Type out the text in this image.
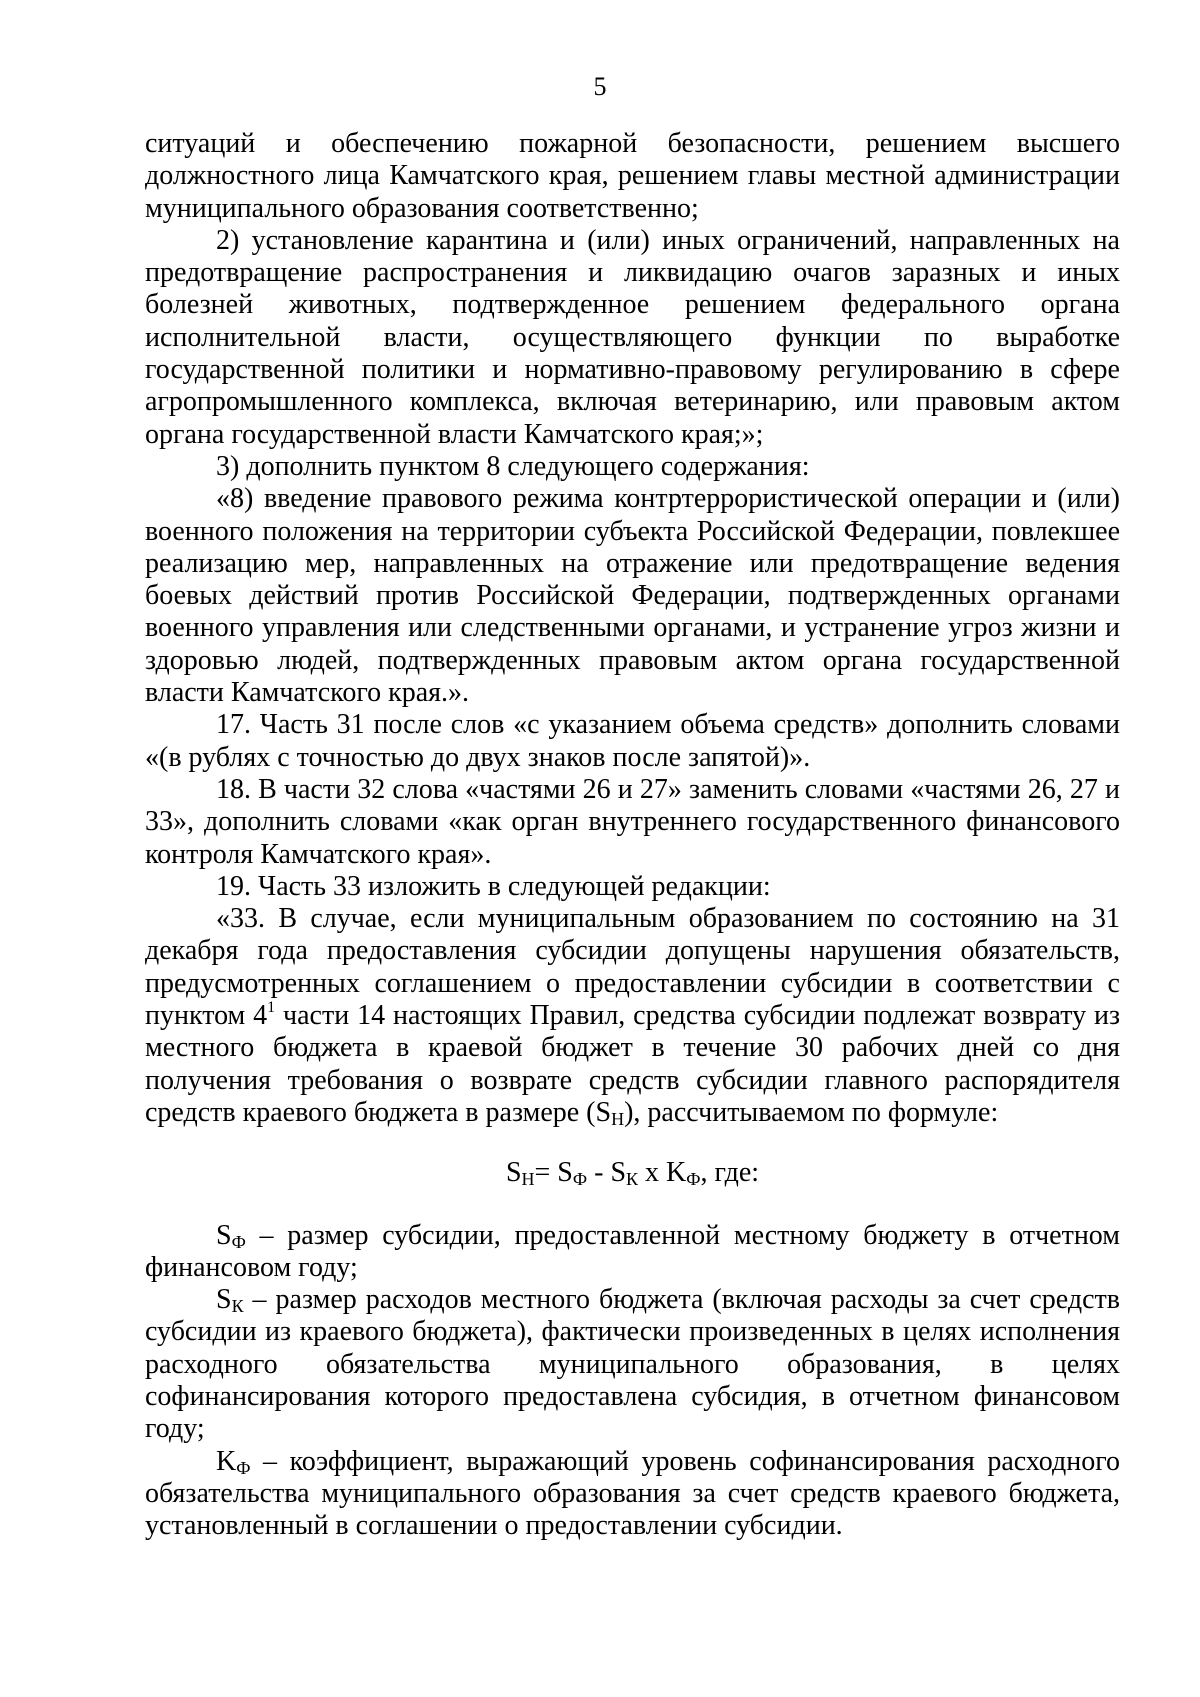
5

ситуаций и обеспечению пожарной безопасности, решением высшего должностного лица Камчатского края, решением главы местной администрации муниципального образования соответственно;

2) установление карантина и (или) иных ограничений, направленных на предотвращение распространения и ликвидацию очагов заразных и иных болезней животных, подтвержденное решением федерального органа исполнительной власти, осуществляющего функции по выработке государственной политики и нормативно-правовому регулированию в сфере агропромышленного комплекса, включая ветеринарию, или правовым актом органа государственной власти Камчатского края;»;

3) дополнить пунктом 8 следующего содержания:

«8) введение правового режима контртеррористической операции и (или) военного положения на территории субъекта Российской Федерации, повлекшее реализацию мер, направленных на отражение или предотвращение ведения боевых действий против Российской Федерации, подтвержденных органами военного управления или следственными органами, и устранение угроз жизни и здоровью людей, подтвержденных правовым актом органа государственной власти Камчатского края.».

17. Часть 31 после слов «с указанием объема средств» дополнить словами «(в рублях с точностью до двух знаков после запятой)».

18. В части 32 слова «частями 26 и 27» заменить словами «частями 26, 27 и 33», дополнить словами «как орган внутреннего государственного финансового контроля Камчатского края».

19. Часть 33 изложить в следующей редакции:

«33. В случае, если муниципальным образованием по состоянию на 31 декабря года предоставления субсидии допущены нарушения обязательств, предусмотренных соглашением о предоставлении субсидии в соответствии с пунктом $4^1$ части 14 настоящих Правил, средства субсидии подлежат возврату из местного бюджета в краевой бюджет в течение 30 рабочих дней со дня получения требования о возврате средств субсидии главного распорядителя средств краевого бюджета в размере $(S_Н)$, рассчитываемом по формуле:

$S_Н= S_Ф - S_К$ x $K_Ф$, где:

$S_Ф$ – размер субсидии, предоставленной местному бюджету в отчетном финансовом году;

$S_К$ – размер расходов местного бюджета (включая расходы за счет средств субсидии из краевого бюджета), фактически произведенных в целях исполнения расходного обязательства муниципального образования, в целях софинансирования которого предоставлена субсидия, в отчетном финансовом году;

$K_Ф$ – коэффициент, выражающий уровень софинансирования расходного обязательства муниципального образования за счет средств краевого бюджета, установленный в соглашении о предоставлении субсидии.
